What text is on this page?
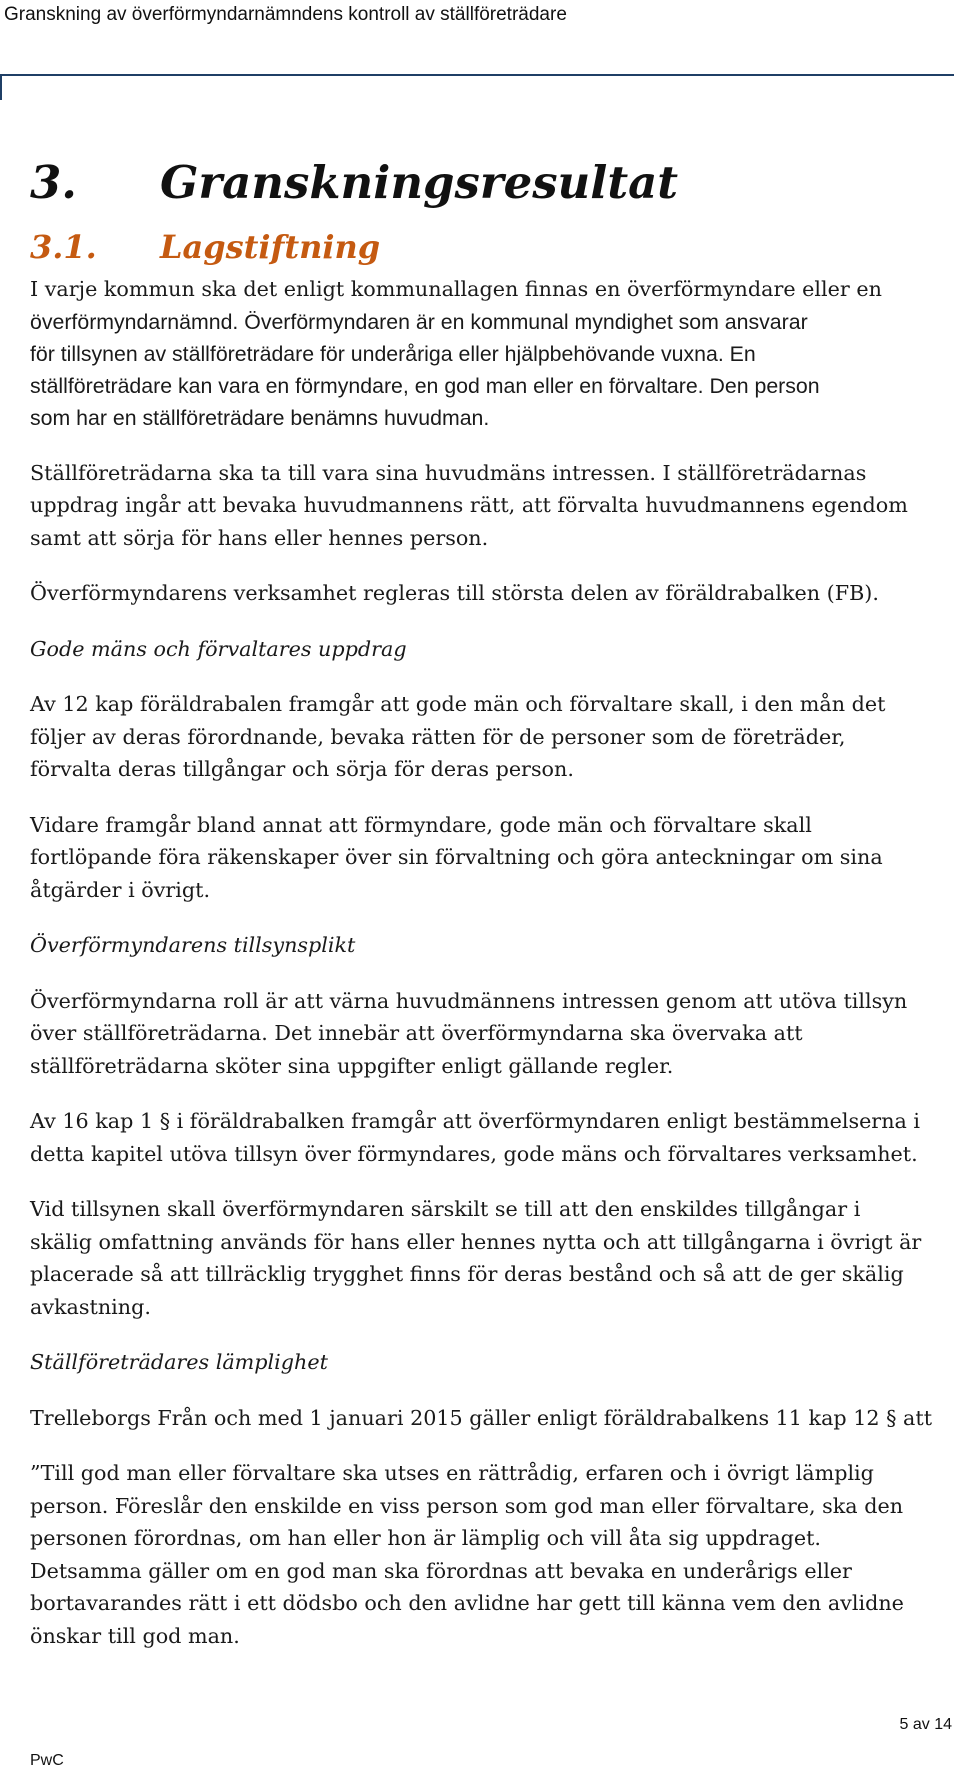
Granskning av överförmyndarnämndens kontroll av ställföreträdare
3.	Granskningsresultat
3.1.	Lagstiftning

I varje kommun ska det enligt kommunallagen finnas en överförmyndare eller en

överförmyndarnämnd. Överförmyndaren är en kommunal myndighet som ansvarar
för tillsynen av ställföreträdare för underåriga eller hjälpbehövande vuxna. En
ställföreträdare kan vara en förmyndare, en god man eller en förvaltare. Den person
som har en ställföreträdare benämns huvudman.

Ställföreträdarna ska ta till vara sina huvudmäns intressen. I ställföreträdarnas
uppdrag ingår att bevaka huvudmannens rätt, att förvalta huvudmannens egendom
samt att sörja för hans eller hennes person.

Överförmyndarens verksamhet regleras till största delen av föräldrabalken (FB).

Gode mäns och förvaltares uppdrag

Av 12 kap föräldrabalen framgår att gode män och förvaltare skall, i den mån det
följer av deras förordnande, bevaka rätten för de personer som de företräder,
förvalta deras tillgångar och sörja för deras person.

Vidare framgår bland annat att förmyndare, gode män och förvaltare skall
fortlöpande föra räkenskaper över sin förvaltning och göra anteckningar om sina
åtgärder i övrigt.

Överförmyndarens tillsynsplikt

Överförmyndarna roll är att värna huvudmännens intressen genom att utöva tillsyn
över ställföreträdarna. Det innebär att överförmyndarna ska övervaka att
ställföreträdarna sköter sina uppgifter enligt gällande regler.

Av 16 kap 1 § i föräldrabalken framgår att överförmyndaren enligt bestämmelserna i
detta kapitel utöva tillsyn över förmyndares, gode mäns och förvaltares verksamhet.

Vid tillsynen skall överförmyndaren särskilt se till att den enskildes tillgångar i
skälig omfattning används för hans eller hennes nytta och att tillgångarna i övrigt är
placerade så att tillräcklig trygghet finns för deras bestånd och så att de ger skälig
avkastning.

Ställföreträdares lämplighet

Trelleborgs Från och med 1 januari 2015 gäller enligt föräldrabalkens 11 kap 12 § att

”Till god man eller förvaltare ska utses en rättrådig, erfaren och i övrigt lämplig
person. Föreslår den enskilde en viss person som god man eller förvaltare, ska den
personen förordnas, om han eller hon är lämplig och vill åta sig uppdraget.
Detsamma gäller om en god man ska förordnas att bevaka en underårigs eller
bortavarandes rätt i ett dödsbo och den avlidne har gett till känna vem den avlidne
önskar till god man.

5 av 14
PwC
